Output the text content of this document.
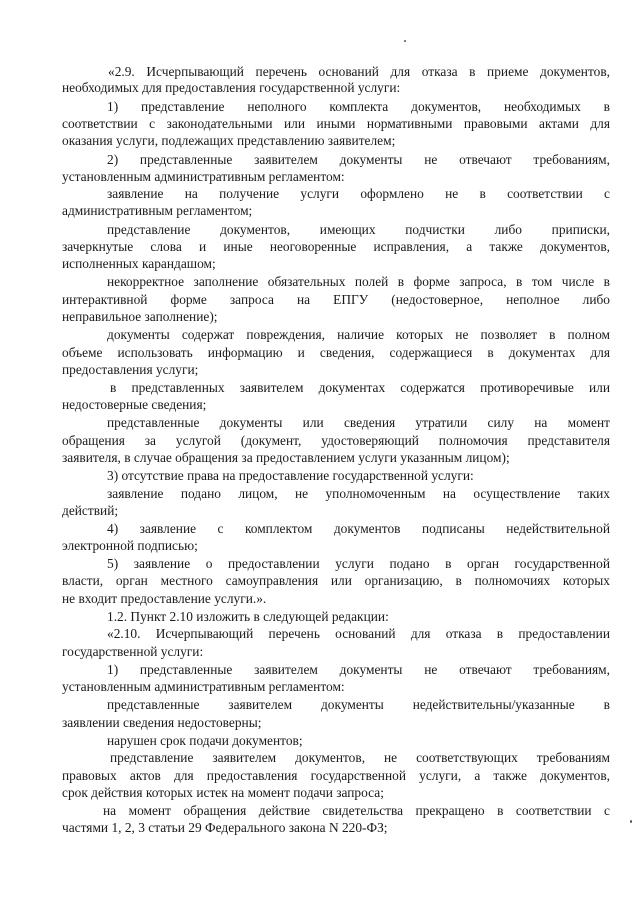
«2.9. Исчерпывающий перечень оснований для отказа в приеме документов,

необходимых для предоставления государственной услуги:

1) представление неполного комплекта документов, необходимых в

соответствии с законодательными или иными нормативными правовыми актами для

оказания услуги, подлежащих представлению заявителем;

2) представленные заявителем документы не отвечают требованиям,

установленным административным регламентом:

заявление на получение услуги оформлено не в соответствии с

административным регламентом;

представление документов, имеющих подчистки либо приписки,

зачеркнутые слова и иные неоговоренные исправления, а также документов,

исполненных карандашом;

некорректное заполнение обязательных полей в форме запроса, в том числе в

интерактивной форме запроса на ЕПГУ (недостоверное, неполное либо

неправильное заполнение);

документы содержат повреждения, наличие которых не позволяет в полном

объеме использовать информацию и сведения, содержащиеся в документах для

предоставления услуги;

в представленных заявителем документах содержатся противоречивые или

недостоверные сведения;

представленные документы или сведения утратили силу на момент

обращения за услугой (документ, удостоверяющий полномочия представителя

заявителя, в случае обращения за предоставлением услуги указанным лицом);

3) отсутствие права на предоставление государственной услуги:

заявление подано лицом, не уполномоченным на осуществление таких

действий;

4) заявление с комплектом документов подписаны недействительной

электронной подписью;

5) заявление о предоставлении услуги подано в орган государственной

власти, орган местного самоуправления или организацию, в полномочиях которых

не входит предоставление услуги.».

1.2. Пункт 2.10 изложить в следующей редакции:

«2.10. Исчерпывающий перечень оснований для отказа в предоставлении

государственной услуги:

1) представленные заявителем документы не отвечают требованиям,

установленным административным регламентом:

представленные заявителем документы недействительны/указанные в

заявлении сведения недостоверны;

нарушен срок подачи документов;

представление заявителем документов, не соответствующих требованиям

правовых актов для предоставления государственной услуги, а также документов,

срок действия которых истек на момент подачи запроса;

на момент обращения действие свидетельства прекращено в соответствии с

частями 1, 2, 3 статьи 29 Федерального закона N 220-ФЗ;
